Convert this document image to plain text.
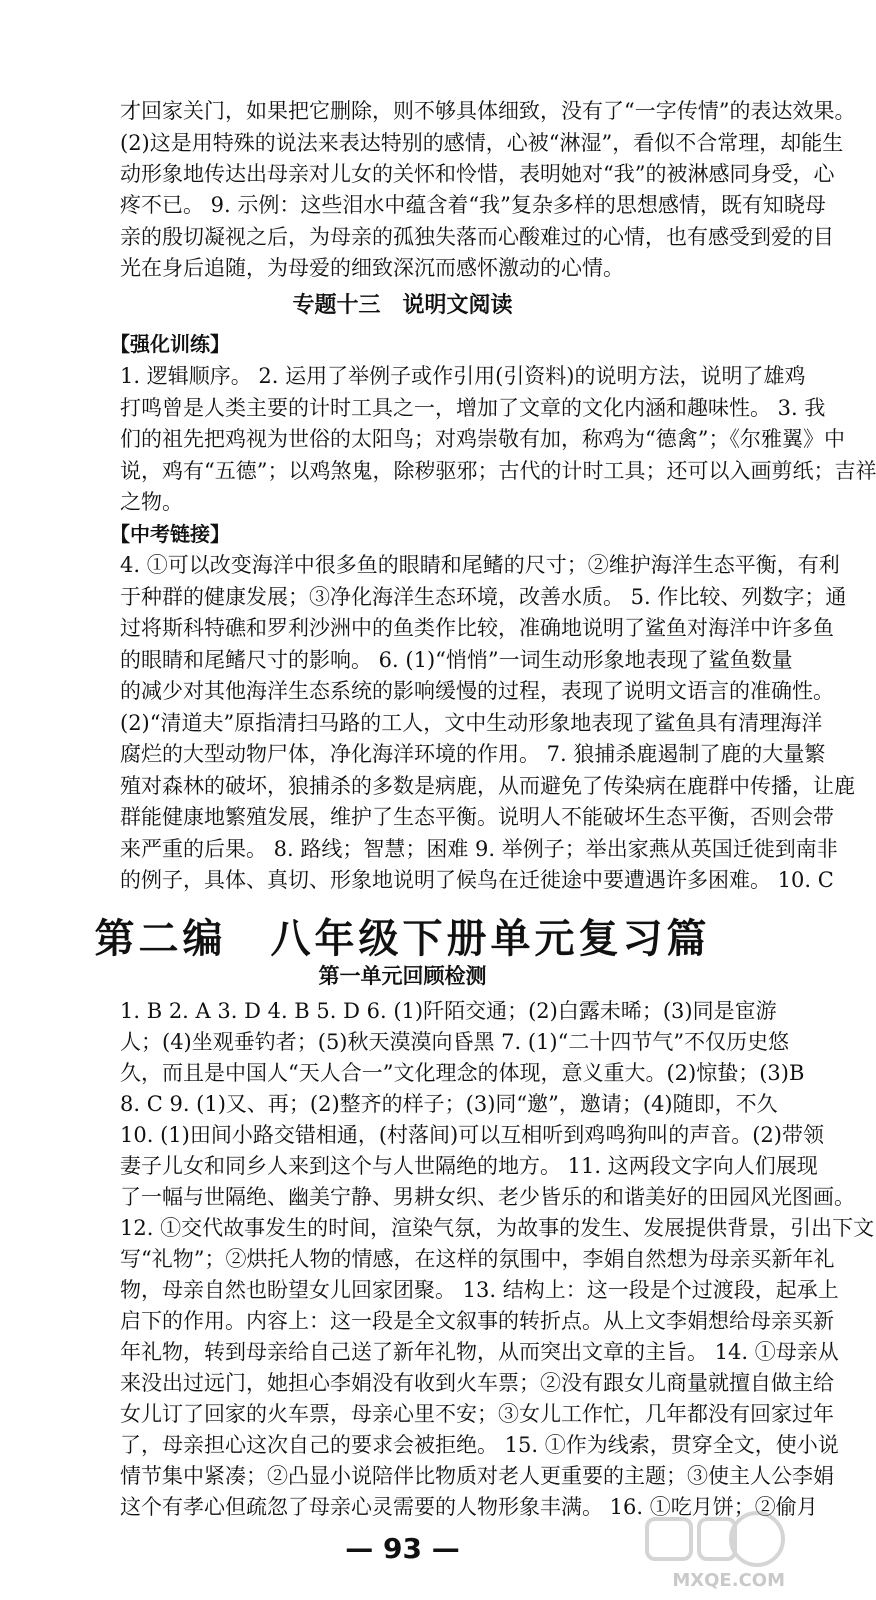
才回家关门，如果把它删除，则不够具体细致，没有了“一字传情”的表达效果。
(2)这是用特殊的说法来表达特别的感情，心被“淋湿”，看似不合常理，却能生
动形象地传达出母亲对儿女的关怀和怜惜，表明她对“我”的被淋感同身受，心
疼不已。 9. 示例：这些泪水中蕴含着“我”复杂多样的思想感情，既有知晓母
亲的殷切凝视之后，为母亲的孤独失落而心酸难过的心情，也有感受到爱的目
光在身后追随，为母爱的细致深沉而感怀激动的心情。
专题十三　说明文阅读
【强化训练】
1. 逻辑顺序。 2. 运用了举例子或作引用(引资料)的说明方法，说明了雄鸡
打鸣曾是人类主要的计时工具之一，增加了文章的文化内涵和趣味性。 3. 我
们的祖先把鸡视为世俗的太阳鸟；对鸡崇敬有加，称鸡为“德禽”；《尔雅翼》中
说，鸡有“五德”；以鸡煞鬼，除秽驱邪；古代的计时工具；还可以入画剪纸；吉祥
之物。
【中考链接】
4. ①可以改变海洋中很多鱼的眼睛和尾鳍的尺寸；②维护海洋生态平衡，有利
于种群的健康发展；③净化海洋生态环境，改善水质。 5. 作比较、列数字；通
过将斯科特礁和罗利沙洲中的鱼类作比较，准确地说明了鲨鱼对海洋中许多鱼
的眼睛和尾鳍尺寸的影响。 6. (1)“悄悄”一词生动形象地表现了鲨鱼数量
的减少对其他海洋生态系统的影响缓慢的过程，表现了说明文语言的准确性。
(2)“清道夫”原指清扫马路的工人，文中生动形象地表现了鲨鱼具有清理海洋
腐烂的大型动物尸体，净化海洋环境的作用。 7. 狼捕杀鹿遏制了鹿的大量繁
殖对森林的破坏，狼捕杀的多数是病鹿，从而避免了传染病在鹿群中传播，让鹿
群能健康地繁殖发展，维护了生态平衡。说明人不能破坏生态平衡，否则会带
来严重的后果。 8. 路线；智慧；困难 9. 举例子；举出家燕从英国迁徙到南非
的例子，具体、真切、形象地说明了候鸟在迁徙途中要遭遇许多困难。 10. C
第二编　八年级下册单元复习篇
第一单元回顾检测
1. B 2. A 3. D 4. B 5. D 6. (1)阡陌交通；(2)白露未晞；(3)同是宦游
人；(4)坐观垂钓者；(5)秋天漠漠向昏黑 7. (1)“二十四节气”不仅历史悠
久，而且是中国人“天人合一”文化理念的体现，意义重大。(2)惊蛰；(3)B
8. C 9. (1)又、再；(2)整齐的样子；(3)同“邀”，邀请；(4)随即，不久
10. (1)田间小路交错相通，(村落间)可以互相听到鸡鸣狗叫的声音。(2)带领
妻子儿女和同乡人来到这个与人世隔绝的地方。 11. 这两段文字向人们展现
了一幅与世隔绝、幽美宁静、男耕女织、老少皆乐的和谐美好的田园风光图画。
12. ①交代故事发生的时间，渲染气氛，为故事的发生、发展提供背景，引出下文
写“礼物”；②烘托人物的情感，在这样的氛围中，李娟自然想为母亲买新年礼
物，母亲自然也盼望女儿回家团聚。 13. 结构上：这一段是个过渡段，起承上
启下的作用。内容上：这一段是全文叙事的转折点。从上文李娟想给母亲买新
年礼物，转到母亲给自己送了新年礼物，从而突出文章的主旨。 14. ①母亲从
来没出过远门，她担心李娟没有收到火车票；②没有跟女儿商量就擅自做主给
女儿订了回家的火车票，母亲心里不安；③女儿工作忙，几年都没有回家过年
了，母亲担心这次自己的要求会被拒绝。 15. ①作为线索，贯穿全文，使小说
情节集中紧凑；②凸显小说陪伴比物质对老人更重要的主题；③使主人公李娟
这个有孝心但疏忽了母亲心灵需要的人物形象丰满。 16. ①吃月饼；②偷月
— 93 —
MXQE.COM
